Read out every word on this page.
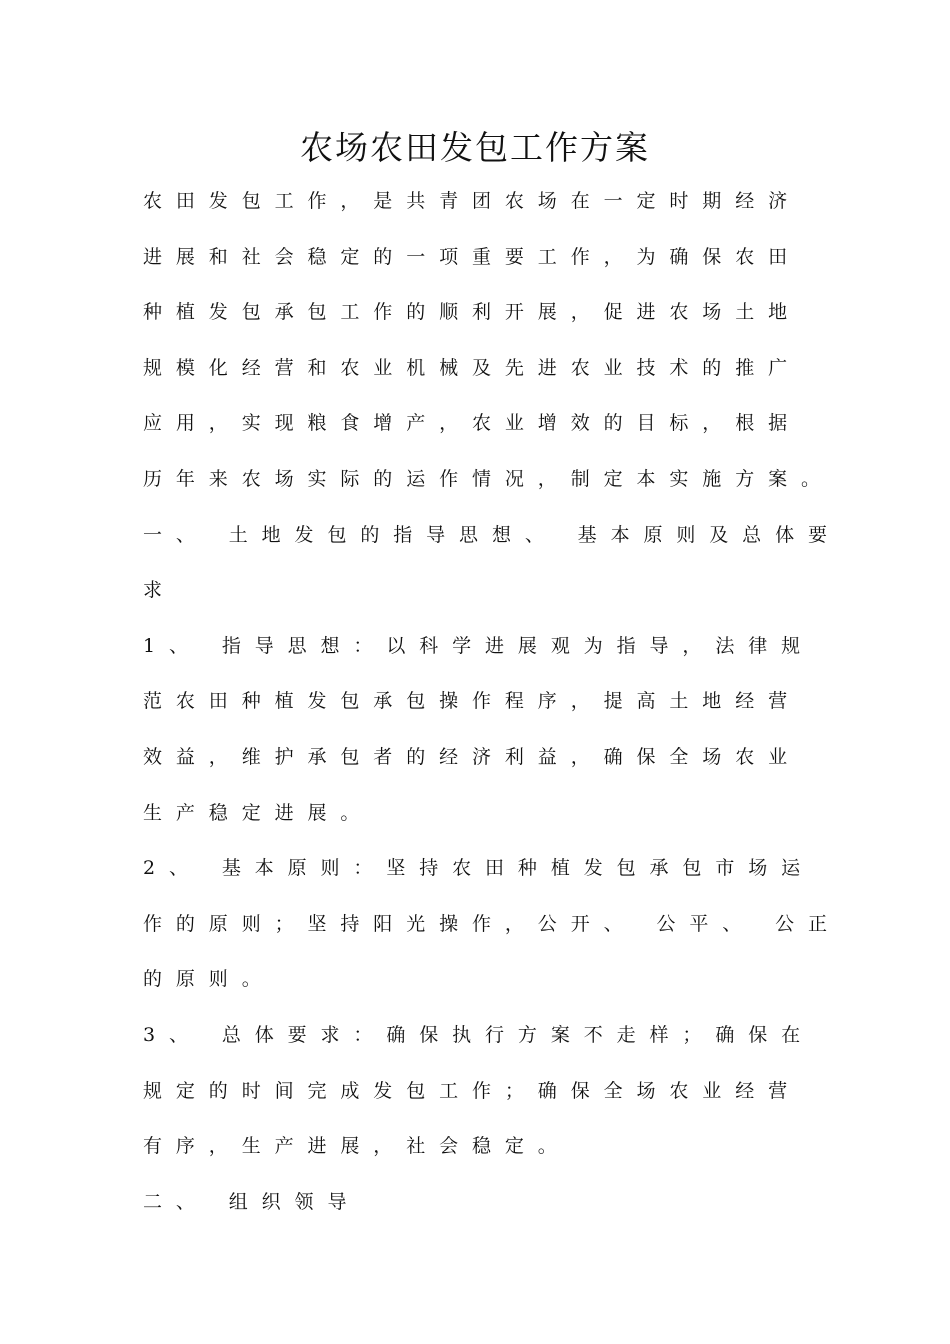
农场农田发包工作方案
农田发包工作，是共青团农场在一定时期经济
进展和社会稳定的一项重要工作，为确保农田
种植发包承包工作的顺利开展，促进农场土地
规模化经营和农业机械及先进农业技术的推广
应用，实现粮食增产，农业增效的目标，根据
历年来农场实际的运作情况，制定本实施方案。
一、 土地发包的指导思想、 基本原则及总体要
求
1、 指导思想：以科学进展观为指导，法律规
范农田种植发包承包操作程序，提高土地经营
效益，维护承包者的经济利益，确保全场农业
生产稳定进展。
2、 基本原则：坚持农田种植发包承包市场运
作的原则；坚持阳光操作，公开、 公平、 公正
的原则。
3、 总体要求：确保执行方案不走样；确保在
规定的时间完成发包工作；确保全场农业经营
有序，生产进展，社会稳定。
二、 组织领导
